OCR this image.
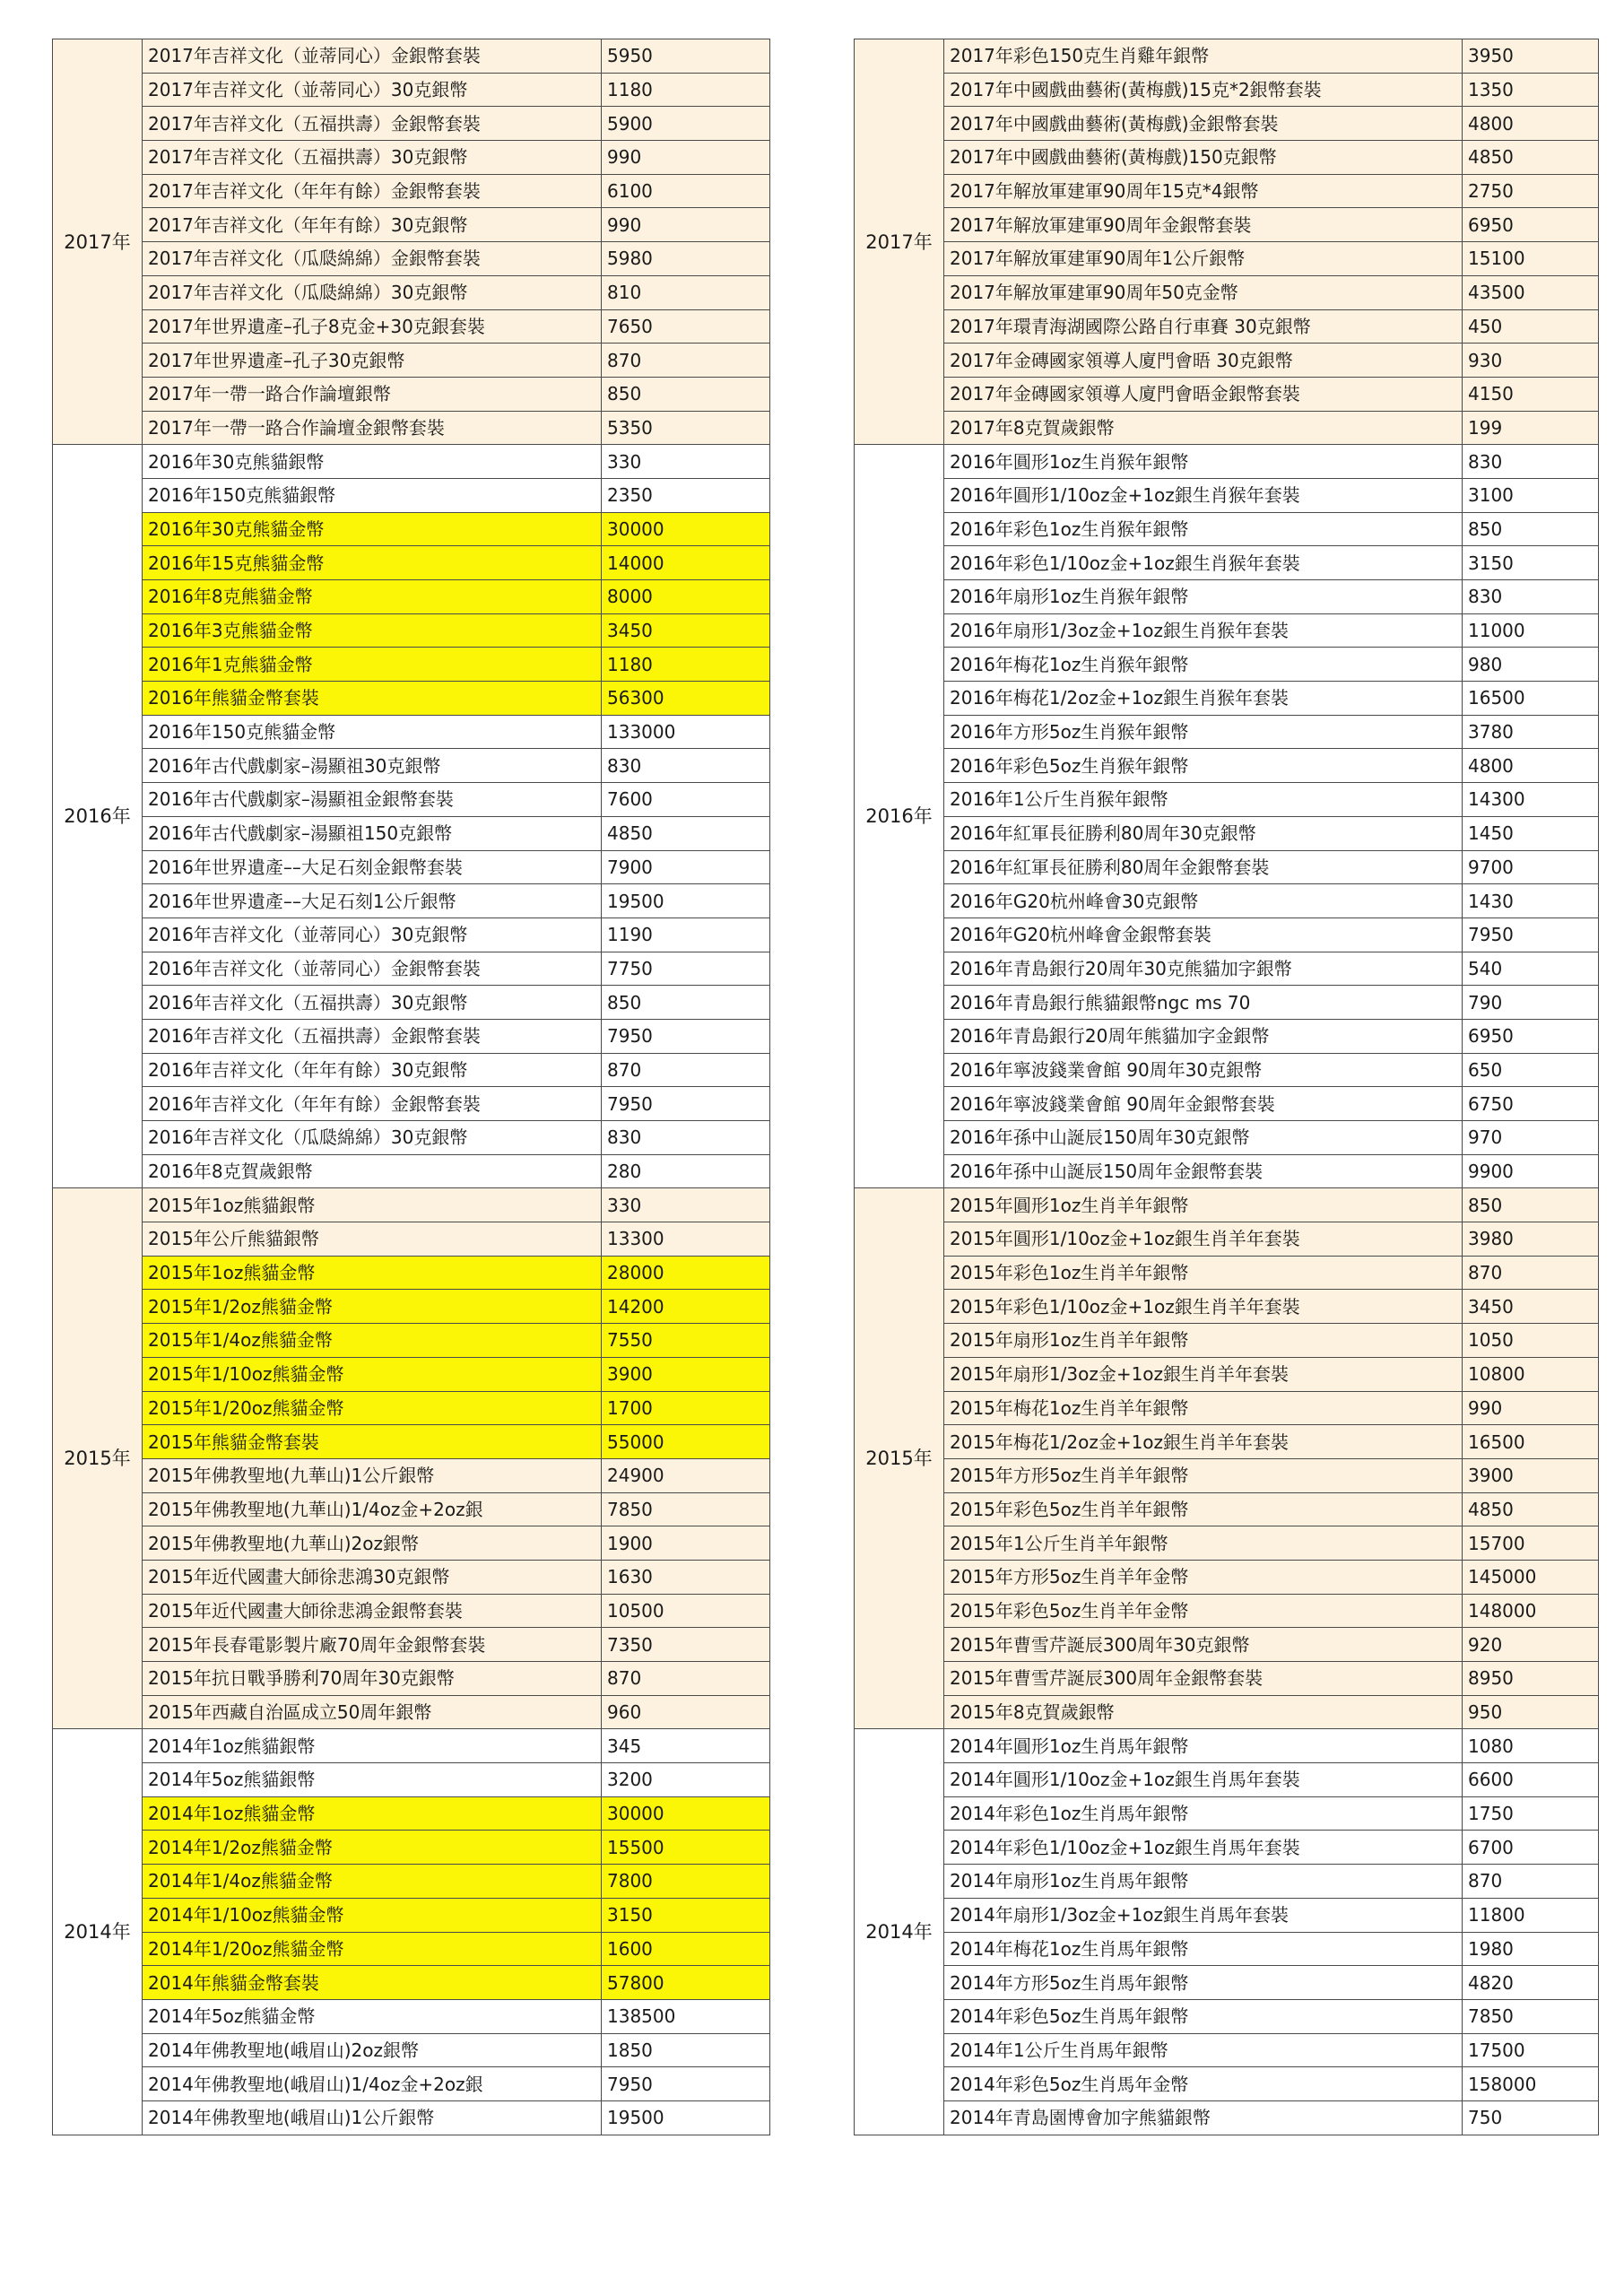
2017年	2017年吉祥文化（並蒂同心）金銀幣套裝	5950
	2017年吉祥文化（並蒂同心）30克銀幣	1180
	2017年吉祥文化（五福拱壽）金銀幣套裝	5900
	2017年吉祥文化（五福拱壽）30克銀幣	990
	2017年吉祥文化（年年有餘）金銀幣套裝	6100
	2017年吉祥文化（年年有餘）30克銀幣	990
	2017年吉祥文化（瓜瓞綿綿）金銀幣套裝	5980
	2017年吉祥文化（瓜瓞綿綿）30克銀幣	810
	2017年世界遺產–孔子8克金+30克銀套裝	7650
	2017年世界遺產–孔子30克銀幣	870
	2017年一帶一路合作論壇銀幣	850
	2017年一帶一路合作論壇金銀幣套裝	5350
2016年	2016年30克熊貓銀幣	330
	2016年150克熊貓銀幣	2350
	2016年30克熊貓金幣	30000
	2016年15克熊貓金幣	14000
	2016年8克熊貓金幣	8000
	2016年3克熊貓金幣	3450
	2016年1克熊貓金幣	1180
	2016年熊貓金幣套裝	56300
	2016年150克熊貓金幣	133000
	2016年古代戲劇家–湯顯祖30克銀幣	830
	2016年古代戲劇家–湯顯祖金銀幣套裝	7600
	2016年古代戲劇家–湯顯祖150克銀幣	4850
	2016年世界遺產––大足石刻金銀幣套裝	7900
	2016年世界遺產––大足石刻1公斤銀幣	19500
	2016年吉祥文化（並蒂同心）30克銀幣	1190
	2016年吉祥文化（並蒂同心）金銀幣套裝	7750
	2016年吉祥文化（五福拱壽）30克銀幣	850
	2016年吉祥文化（五福拱壽）金銀幣套裝	7950
	2016年吉祥文化（年年有餘）30克銀幣	870
	2016年吉祥文化（年年有餘）金銀幣套裝	7950
	2016年吉祥文化（瓜瓞綿綿）30克銀幣	830
	2016年8克賀歲銀幣	280
2015年	2015年1oz熊貓銀幣	330
	2015年公斤熊貓銀幣	13300
	2015年1oz熊貓金幣	28000
	2015年1/2oz熊貓金幣	14200
	2015年1/4oz熊貓金幣	7550
	2015年1/10oz熊貓金幣	3900
	2015年1/20oz熊貓金幣	1700
	2015年熊貓金幣套裝	55000
	2015年佛教聖地(九華山)1公斤銀幣	24900
	2015年佛教聖地(九華山)1/4oz金+2oz銀	7850
	2015年佛教聖地(九華山)2oz銀幣	1900
	2015年近代國畫大師徐悲鴻30克銀幣	1630
	2015年近代國畫大師徐悲鴻金銀幣套裝	10500
	2015年長春電影製片廠70周年金銀幣套裝	7350
	2015年抗日戰爭勝利70周年30克銀幣	870
	2015年西藏自治區成立50周年銀幣	960
2014年	2014年1oz熊貓銀幣	345
	2014年5oz熊貓銀幣	3200
	2014年1oz熊貓金幣	30000
	2014年1/2oz熊貓金幣	15500
	2014年1/4oz熊貓金幣	7800
	2014年1/10oz熊貓金幣	3150
	2014年1/20oz熊貓金幣	1600
	2014年熊貓金幣套裝	57800
	2014年5oz熊貓金幣	138500
	2014年佛教聖地(峨眉山)2oz銀幣	1850
	2014年佛教聖地(峨眉山)1/4oz金+2oz銀	7950
	2014年佛教聖地(峨眉山)1公斤銀幣	19500
2017年	2017年彩色150克生肖雞年銀幣	3950
	2017年中國戲曲藝術(黃梅戲)15克*2銀幣套裝	1350
	2017年中國戲曲藝術(黃梅戲)金銀幣套裝	4800
	2017年中國戲曲藝術(黃梅戲)150克銀幣	4850
	2017年解放軍建軍90周年15克*4銀幣	2750
	2017年解放軍建軍90周年金銀幣套裝	6950
	2017年解放軍建軍90周年1公斤銀幣	15100
	2017年解放軍建軍90周年50克金幣	43500
	2017年環青海湖國際公路自行車賽 30克銀幣	450
	2017年金磚國家領導人廈門會晤 30克銀幣	930
	2017年金磚國家領導人廈門會晤金銀幣套裝	4150
	2017年8克賀歲銀幣	199
2016年	2016年圓形1oz生肖猴年銀幣	830
	2016年圓形1/10oz金+1oz銀生肖猴年套裝	3100
	2016年彩色1oz生肖猴年銀幣	850
	2016年彩色1/10oz金+1oz銀生肖猴年套裝	3150
	2016年扇形1oz生肖猴年銀幣	830
	2016年扇形1/3oz金+1oz銀生肖猴年套裝	11000
	2016年梅花1oz生肖猴年銀幣	980
	2016年梅花1/2oz金+1oz銀生肖猴年套裝	16500
	2016年方形5oz生肖猴年銀幣	3780
	2016年彩色5oz生肖猴年銀幣	4800
	2016年1公斤生肖猴年銀幣	14300
	2016年紅軍長征勝利80周年30克銀幣	1450
	2016年紅軍長征勝利80周年金銀幣套裝	9700
	2016年G20杭州峰會30克銀幣	1430
	2016年G20杭州峰會金銀幣套裝	7950
	2016年青島銀行20周年30克熊貓加字銀幣	540
	2016年青島銀行熊貓銀幣ngc ms 70	790
	2016年青島銀行20周年熊貓加字金銀幣	6950
	2016年寧波錢業會館 90周年30克銀幣	650
	2016年寧波錢業會館 90周年金銀幣套裝	6750
	2016年孫中山誕辰150周年30克銀幣	970
	2016年孫中山誕辰150周年金銀幣套裝	9900
2015年	2015年圓形1oz生肖羊年銀幣	850
	2015年圓形1/10oz金+1oz銀生肖羊年套裝	3980
	2015年彩色1oz生肖羊年銀幣	870
	2015年彩色1/10oz金+1oz銀生肖羊年套裝	3450
	2015年扇形1oz生肖羊年銀幣	1050
	2015年扇形1/3oz金+1oz銀生肖羊年套裝	10800
	2015年梅花1oz生肖羊年銀幣	990
	2015年梅花1/2oz金+1oz銀生肖羊年套裝	16500
	2015年方形5oz生肖羊年銀幣	3900
	2015年彩色5oz生肖羊年銀幣	4850
	2015年1公斤生肖羊年銀幣	15700
	2015年方形5oz生肖羊年金幣	145000
	2015年彩色5oz生肖羊年金幣	148000
	2015年曹雪芹誕辰300周年30克銀幣	920
	2015年曹雪芹誕辰300周年金銀幣套裝	8950
	2015年8克賀歲銀幣	950
2014年	2014年圓形1oz生肖馬年銀幣	1080
	2014年圓形1/10oz金+1oz銀生肖馬年套裝	6600
	2014年彩色1oz生肖馬年銀幣	1750
	2014年彩色1/10oz金+1oz銀生肖馬年套裝	6700
	2014年扇形1oz生肖馬年銀幣	870
	2014年扇形1/3oz金+1oz銀生肖馬年套裝	11800
	2014年梅花1oz生肖馬年銀幣	1980
	2014年方形5oz生肖馬年銀幣	4820
	2014年彩色5oz生肖馬年銀幣	7850
	2014年1公斤生肖馬年銀幣	17500
	2014年彩色5oz生肖馬年金幣	158000
	2014年青島園博會加字熊貓銀幣	750
